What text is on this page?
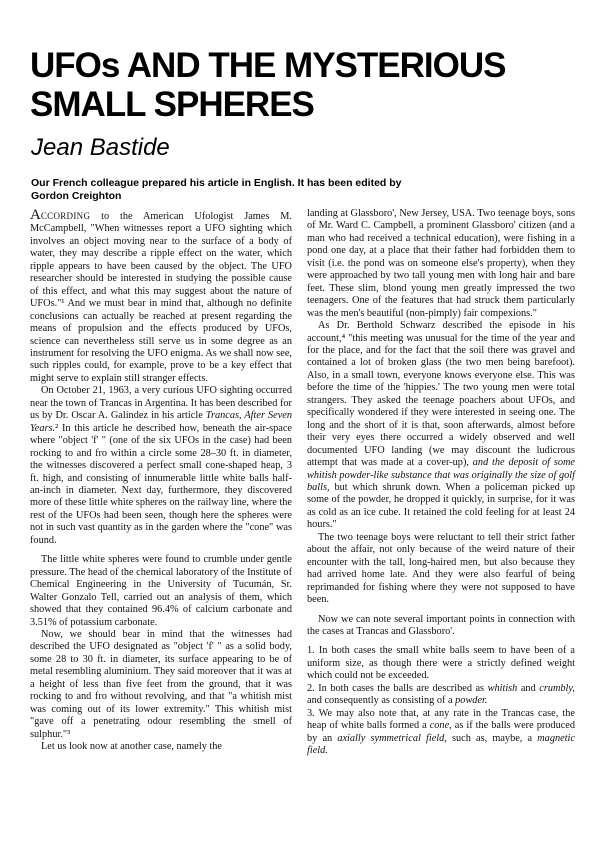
UFOs AND THE MYSTERIOUS
SMALL SPHERES
Jean Bastide
Our French colleague prepared his article in English. It has been edited by
Gordon Creighton

ACCORDING to the American Ufologist James M. McCampbell, "When witnesses report a UFO sighting which involves an object moving near to the surface of a body of water, they may describe a ripple effect on the water, which ripple appears to have been caused by the object. The UFO researcher should be interested in studying the possible cause of this effect, and what this may suggest about the nature of UFOs."¹ And we must bear in mind that, although no definite conclusions can actually be reached at present regarding the means of propulsion and the effects produced by UFOs, science can nevertheless still serve us in some degree as an instrument for resolving the UFO enigma. As we shall now see, such ripples could, for example, prove to be a key effect that might serve to explain still stranger effects.

On October 21, 1963, a very curious UFO sighting occurred near the town of Trancas in Argentina. It has been described for us by Dr. Oscar A. Galíndez in his article Trancas, After Seven Years.² In this article he described how, beneath the air-space where "object 'f' " (one of the six UFOs in the case) had been rocking to and fro within a circle some 28–30 ft. in diameter, the witnesses discovered a perfect small cone-shaped heap, 3 ft. high, and consisting of innumerable little white balls half-an-inch in diameter. Next day, furthermore, they discovered more of these little white spheres on the railway line, where the rest of the UFOs had been seen, though here the spheres were not in such vast quantity as in the garden where the "cone" was found.

The little white spheres were found to crumble under gentle pressure. The head of the chemical laboratory of the Institute of Chemical Engineering in the University of Tucumán, Sr. Walter Gonzalo Tell, carried out an analysis of them, which showed that they contained 96.4% of calcium carbonate and 3.51% of potassium carbonate.

Now, we should bear in mind that the witnesses had described the UFO designated as "object 'f' " as a solid body, some 28 to 30 ft. in diameter, its surface appearing to be of metal resembling aluminium. They said moreover that it was at a height of less than five feet from the ground, that it was rocking to and fro without revolving, and that "a whitish mist was coming out of its lower extremity." This whitish mist "gave off a penetrating odour resembling the smell of sulphur."³

Let us look now at another case, namely the

landing at Glassboro', New Jersey, USA. Two teenage boys, sons of Mr. Ward C. Campbell, a prominent Glassboro' citizen (and a man who had received a technical education), were fishing in a pond one day, at a place that their father had forbidden them to visit (i.e. the pond was on someone else's property), when they were approached by two tall young men with long hair and bare feet. These slim, blond young men greatly impressed the two teenagers. One of the features that had struck them particularly was the men's beautiful (non-pimply) fair compexions."

As Dr. Berthold Schwarz described the episode in his account,⁴ "this meeting was unusual for the time of the year and for the place, and for the fact that the soil there was gravel and contained a lot of broken glass (the two men being barefoot). Also, in a small town, everyone knows everyone else. This was before the time of the 'hippies.' The two young men were total strangers. They asked the teenage poachers about UFOs, and specifically wondered if they were interested in seeing one. The long and the short of it is that, soon afterwards, almost before their very eyes there occurred a widely observed and well documented UFO landing (we may discount the ludicrous attempt that was made at a cover-up), and the deposit of some whitish powder-like substance that was originally the size of golf balls, but which shrunk down. When a policeman picked up some of the powder, he dropped it quickly, in surprise, for it was as cold as an ice cube. It retained the cold feeling for at least 24 hours."

The two teenage boys were reluctant to tell their strict father about the affair, not only because of the weird nature of their encounter with the tall, long-haired men, but also because they had arrived home late. And they were also fearful of being reprimanded for fishing where they were not supposed to have been.

Now we can note several important points in connection with the cases at Trancas and Glassboro'.

1. In both cases the small white balls seem to have been of a uniform size, as though there were a strictly defined weight which could not be exceeded.

2. In both cases the balls are described as whitish and crumbly, and consequently as consisting of a powder.

3. We may also note that, at any rate in the Trancas case, the heap of white balls formed a cone, as if the balls were produced by an axially symmetrical field, such as, maybe, a magnetic field.
